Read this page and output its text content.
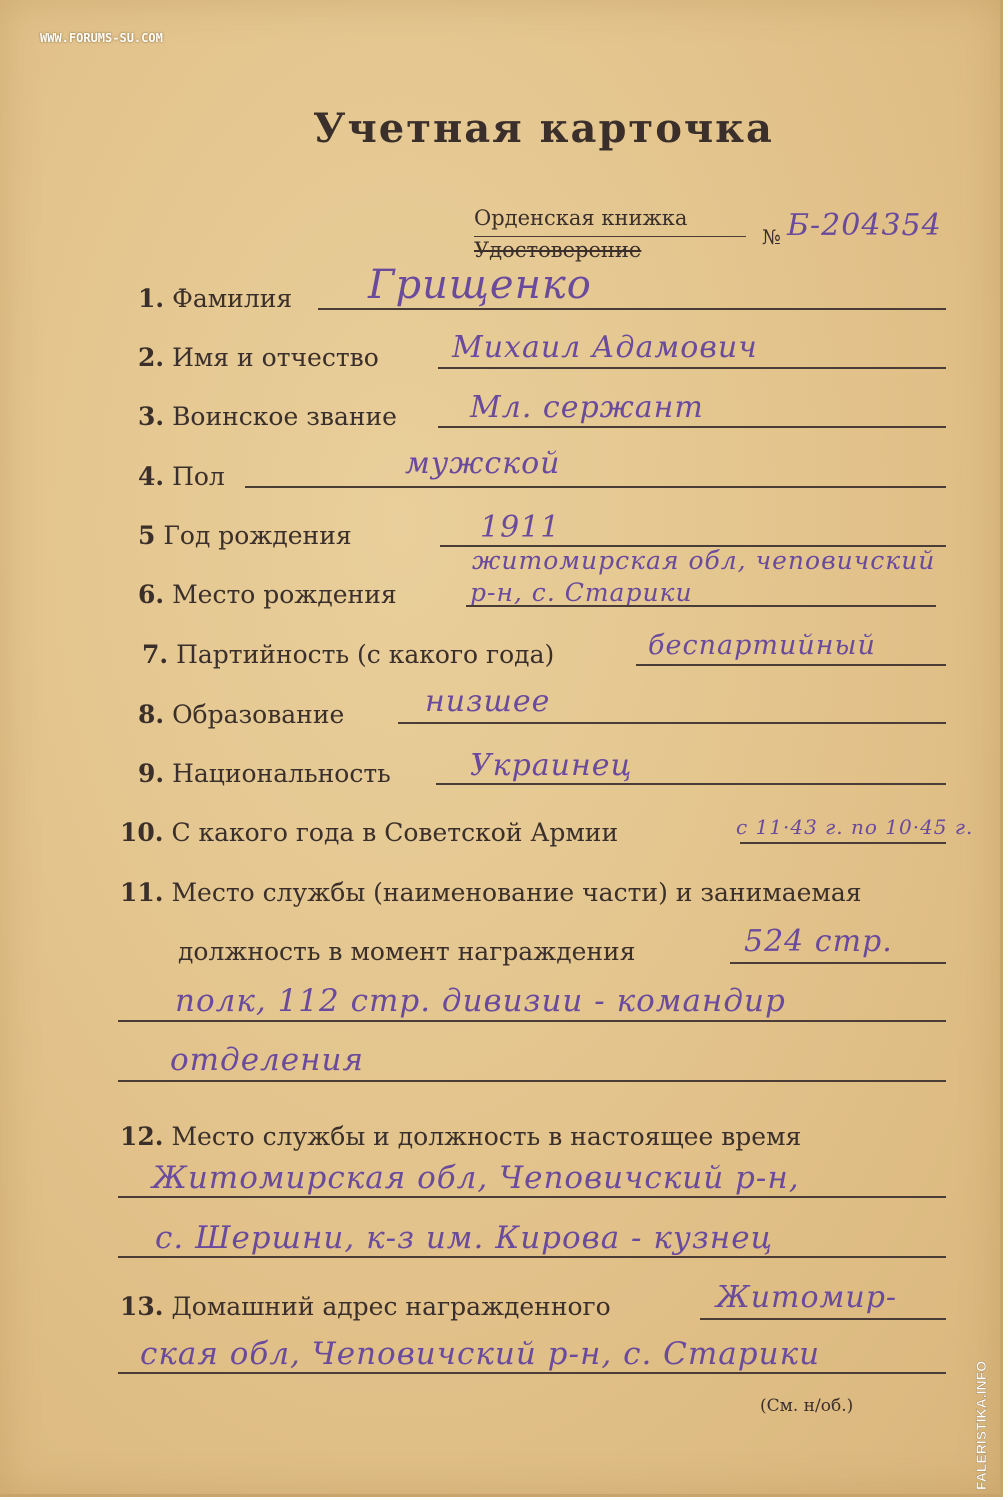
WWW.FORUMS-SU.COM
Учетная карточка
Орденская книжка
Удостоверение
№ Б-204354
1. Фамилия Грищенко
2. Имя и отчество Михаил Адамович
3. Воинское звание Мл. сержант
4. Пол	мужской
5 Год рождения	1911
6. Место рождения
житомирская обл, чеповичский
р-н, с. Старики
7. Партийность (с какого года)	беспартийный
8. Образование	низшее
9. Национальность	Украинец
10. С какого года в Советской Армии	с 11·43 г. по 10·45 г.
11. Место службы (наименование части) и занимаемая
должность в момент награждения	524 стр.
полк, 112 стр. дивизии - командир
отделения
12. Место службы и должность в настоящее время
Житомирская обл, Чеповичский р-н,
с. Шершни, к-з им. Кирова - кузнец
13. Домашний адрес награжденного	Житомир-
ская обл, Чеповичский р-н, с. Старики
(См. н/об.)	FALERISTIKA.INFO
